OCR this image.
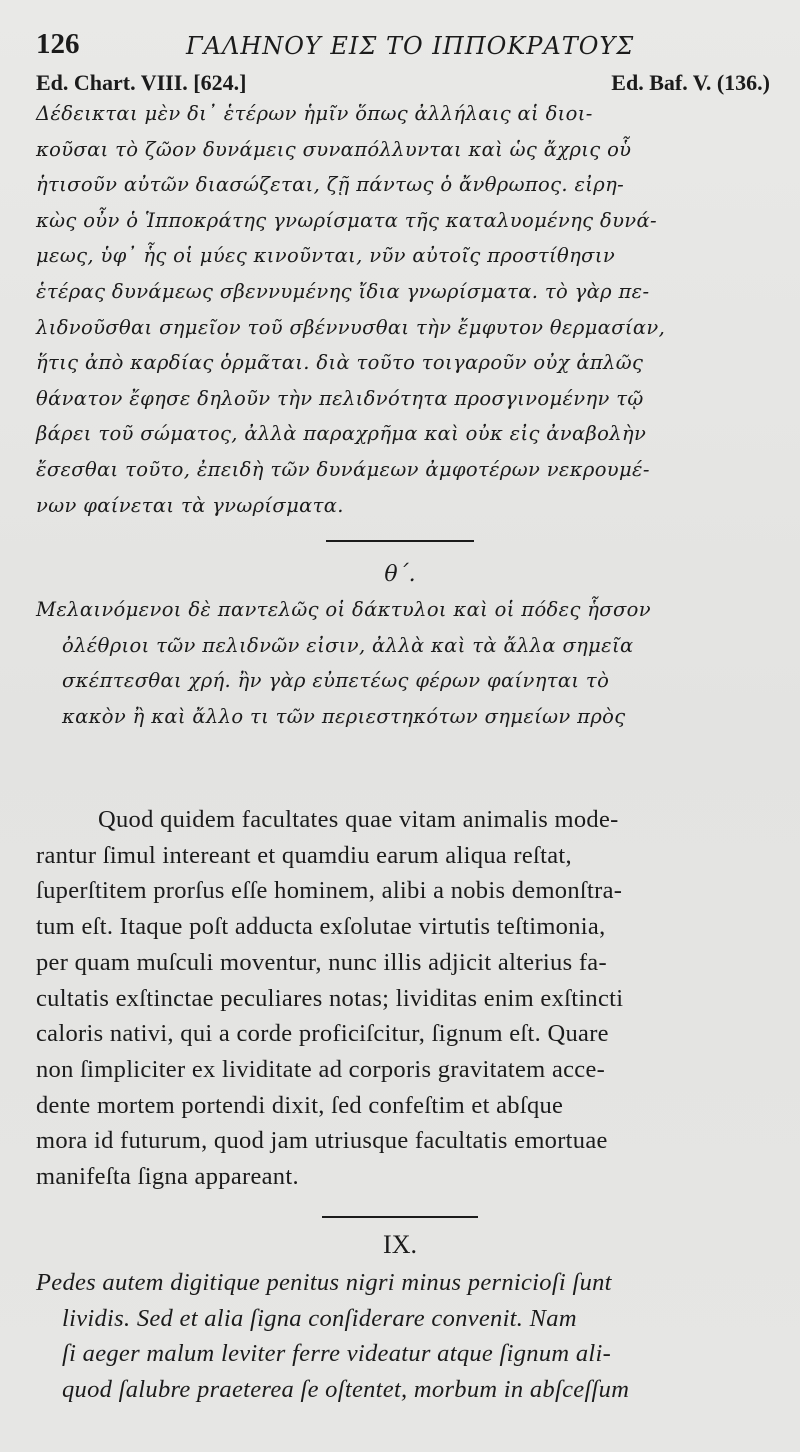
126	ΓΑΛΗΝΟΥ ΕΙΣ ΤΟ ΙΠΠΟΚΡΑΤΟΥΣ
Ed. Chart. VIII. [624.]	Ed. Baf. V. (136.)
Δέδεικται μὲν δι᾽ ἑτέρων ἡμῖν ὅπως ἀλλήλαις αἱ διοι-
κοῦσαι τὸ ζῶον δυνάμεις συναπόλλυνται καὶ ὡς ἄχρις οὗ
ἡτισοῦν αὐτῶν διασώζεται, ζῇ πάντως ὁ ἄνθρωπος. εἰρη-
κὼς οὖν ὁ Ἱπποκράτης γνωρίσματα τῆς καταλυομένης δυνά-
μεως, ὑφ᾽ ἧς οἱ μύες κινοῦνται, νῦν αὐτοῖς προστίθησιν
ἑτέρας δυνάμεως σβεννυμένης ἴδια γνωρίσματα. τὸ γὰρ πε-
λιδνοῦσθαι σημεῖον τοῦ σβέννυσθαι τὴν ἔμφυτον θερμασίαν,
ἥτις ἀπὸ καρδίας ὁρμᾶται. διὰ τοῦτο τοιγαροῦν οὐχ ἁπλῶς
θάνατον ἔφησε δηλοῦν τὴν πελιδνότητα προσγινομένην τῷ
βάρει τοῦ σώματος, ἀλλὰ παραχρῆμα καὶ οὐκ εἰς ἀναβολὴν
ἔσεσθαι τοῦτο, ἐπειδὴ τῶν δυνάμεων ἀμφοτέρων νεκρουμέ-
νων φαίνεται τὰ γνωρίσματα.
θ΄.
Μελαινόμενοι δὲ παντελῶς οἱ δάκτυλοι καὶ οἱ πόδες ἧσσον
ὀλέθριοι τῶν πελιδνῶν εἰσιν, ἀλλὰ καὶ τὰ ἄλλα σημεῖα
σκέπτεσθαι χρή. ἢν γὰρ εὐπετέως φέρων φαίνηται τὸ
κακὸν ἢ καὶ ἄλλο τι τῶν περιεστηκότων σημείων πρὸς
Quod quidem facultates quae vitam animalis mode-
rantur ſimul intereant et quamdiu earum aliqua reſtat,
ſuperſtitem prorſus eſſe hominem, alibi a nobis demonſtra-
tum eſt. Itaque poſt adducta exſolutae virtutis teſtimonia,
per quam muſculi moventur, nunc illis adjicit alterius fa-
cultatis exſtinctae peculiares notas; lividitas enim exſtincti
caloris nativi, qui a corde proficiſcitur, ſignum eſt. Quare
non ſimpliciter ex lividitate ad corporis gravitatem acce-
dente mortem portendi dixit, ſed confeſtim et abſque
mora id futurum, quod jam utriusque facultatis emortuae
manifeſta ſigna appareant.
IX.
Pedes autem digitique penitus nigri minus pernicioſi ſunt
lividis. Sed et alia ſigna conſiderare convenit. Nam
ſi aeger malum leviter ferre videatur atque ſignum ali-
quod ſalubre praeterea ſe oſtentet, morbum in abſceſſum
